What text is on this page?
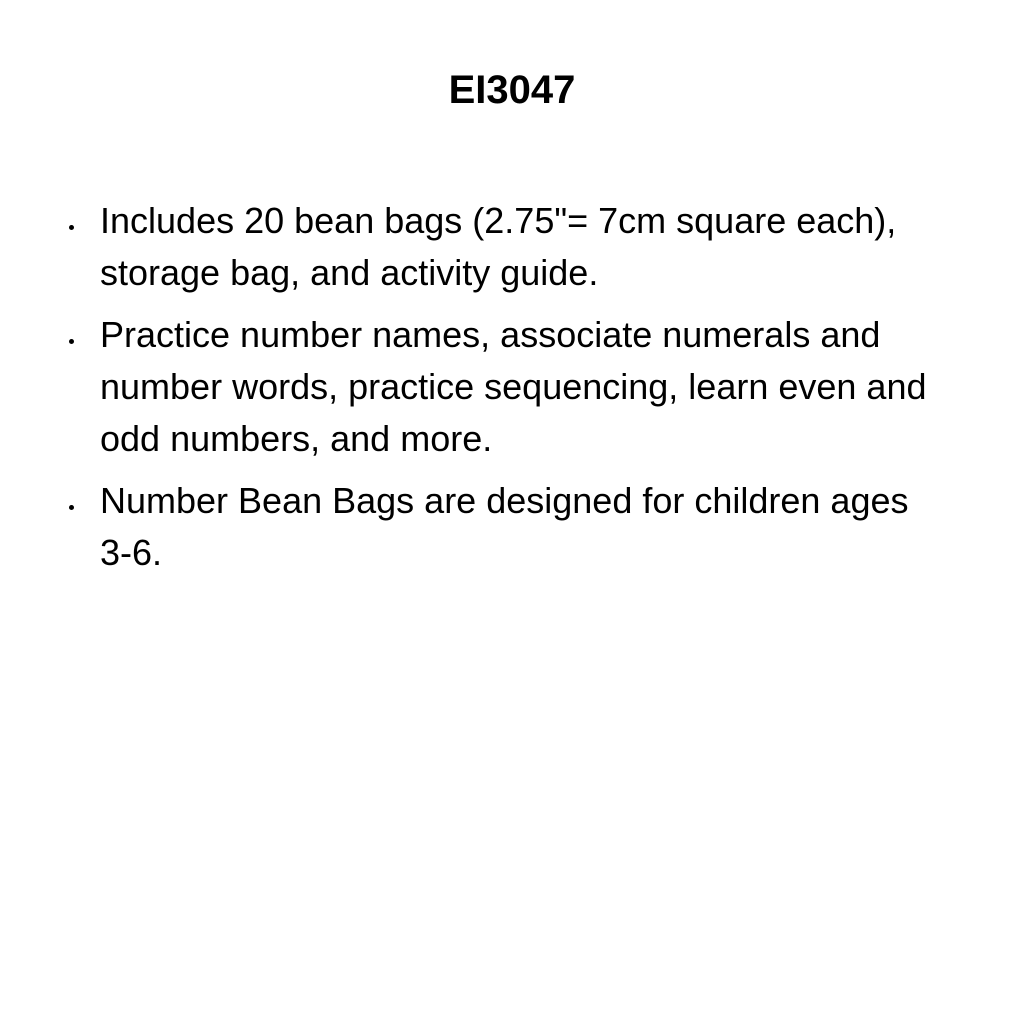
EI3047
Includes 20 bean bags (2.75"= 7cm square each), storage bag, and activity guide.
Practice number names, associate numerals and number words, practice sequencing, learn even and odd numbers, and more.
Number Bean Bags are designed for children ages 3-6.
